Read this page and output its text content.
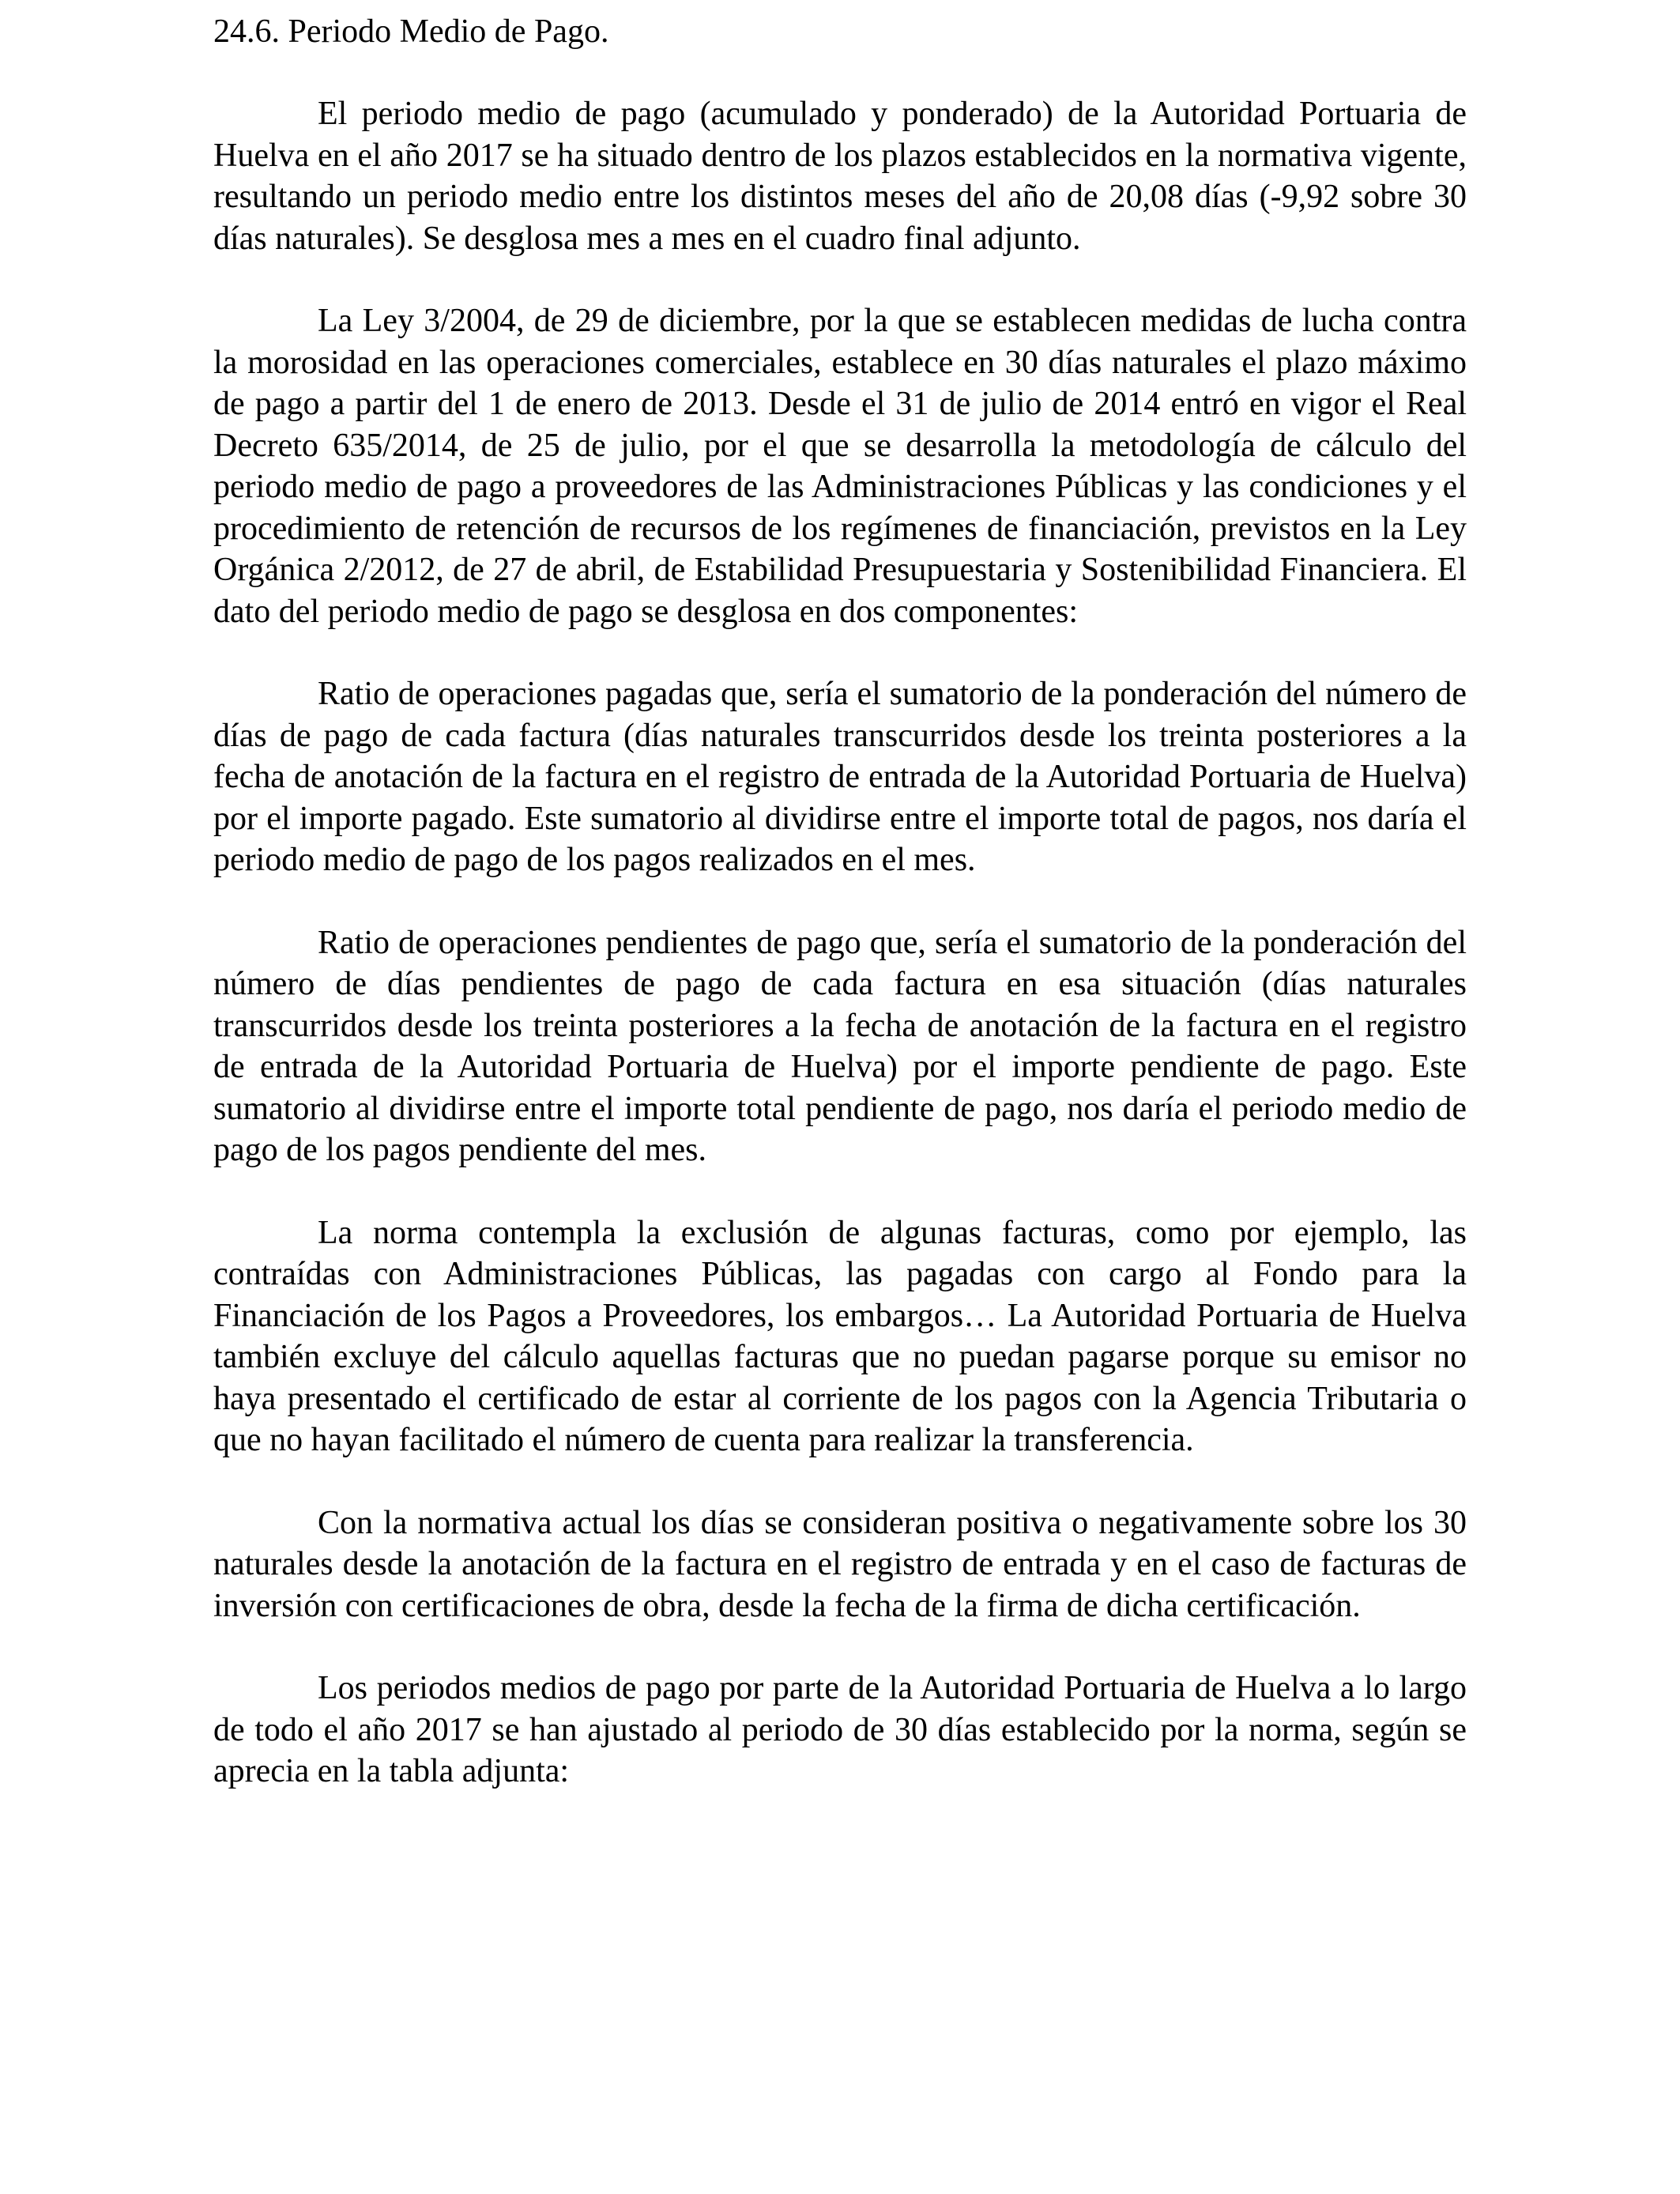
24.6. Periodo Medio de Pago.

El periodo medio de pago (acumulado y ponderado) de la Autoridad Portuaria de Huelva en el año 2017 se ha situado dentro de los plazos establecidos en la normativa vigente, resultando un periodo medio entre los distintos meses del año de 20,08 días (-9,92 sobre 30 días naturales). Se desglosa mes a mes en el cuadro final adjunto.

La Ley 3/2004, de 29 de diciembre, por la que se establecen medidas de lucha contra la morosidad en las operaciones comerciales, establece en 30 días naturales el plazo máximo de pago a partir del 1 de enero de 2013. Desde el 31 de julio de 2014 entró en vigor el Real Decreto 635/2014, de 25 de julio, por el que se desarrolla la metodología de cálculo del periodo medio de pago a proveedores de las Administraciones Públicas y las condiciones y el procedimiento de retención de recursos de los regímenes de financiación, previstos en la Ley Orgánica 2/2012, de 27 de abril, de Estabilidad Presupuestaria y Sostenibilidad Financiera. El dato del periodo medio de pago se desglosa en dos componentes:

Ratio de operaciones pagadas que, sería el sumatorio de la ponderación del número de días de pago de cada factura (días naturales transcurridos desde los treinta posteriores a la fecha de anotación de la factura en el registro de entrada de la Autoridad Portuaria de Huelva) por el importe pagado. Este sumatorio al dividirse entre el importe total de pagos, nos daría el periodo medio de pago de los pagos realizados en el mes.

Ratio de operaciones pendientes de pago que, sería el sumatorio de la ponderación del número de días pendientes de pago de cada factura en esa situación (días naturales transcurridos desde los treinta posteriores a la fecha de anotación de la factura en el registro de entrada de la Autoridad Portuaria de Huelva) por el importe pendiente de pago. Este sumatorio al dividirse entre el importe total pendiente de pago, nos daría el periodo medio de pago de los pagos pendiente del mes.

La norma contempla la exclusión de algunas facturas, como por ejemplo, las contraídas con Administraciones Públicas, las pagadas con cargo al Fondo para la Financiación de los Pagos a Proveedores, los embargos… La Autoridad Portuaria de Huelva también excluye del cálculo aquellas facturas que no puedan pagarse porque su emisor no haya presentado el certificado de estar al corriente de los pagos con la Agencia Tributaria o que no hayan facilitado el número de cuenta para realizar la transferencia.

Con la normativa actual los días se consideran positiva o negativamente sobre los 30 naturales desde la anotación de la factura en el registro de entrada y en el caso de facturas de inversión con certificaciones de obra, desde la fecha de la firma de dicha certificación.

Los periodos medios de pago por parte de la Autoridad Portuaria de Huelva a lo largo de todo el año 2017 se han ajustado al periodo de 30 días establecido por la norma, según se aprecia en la tabla adjunta:
